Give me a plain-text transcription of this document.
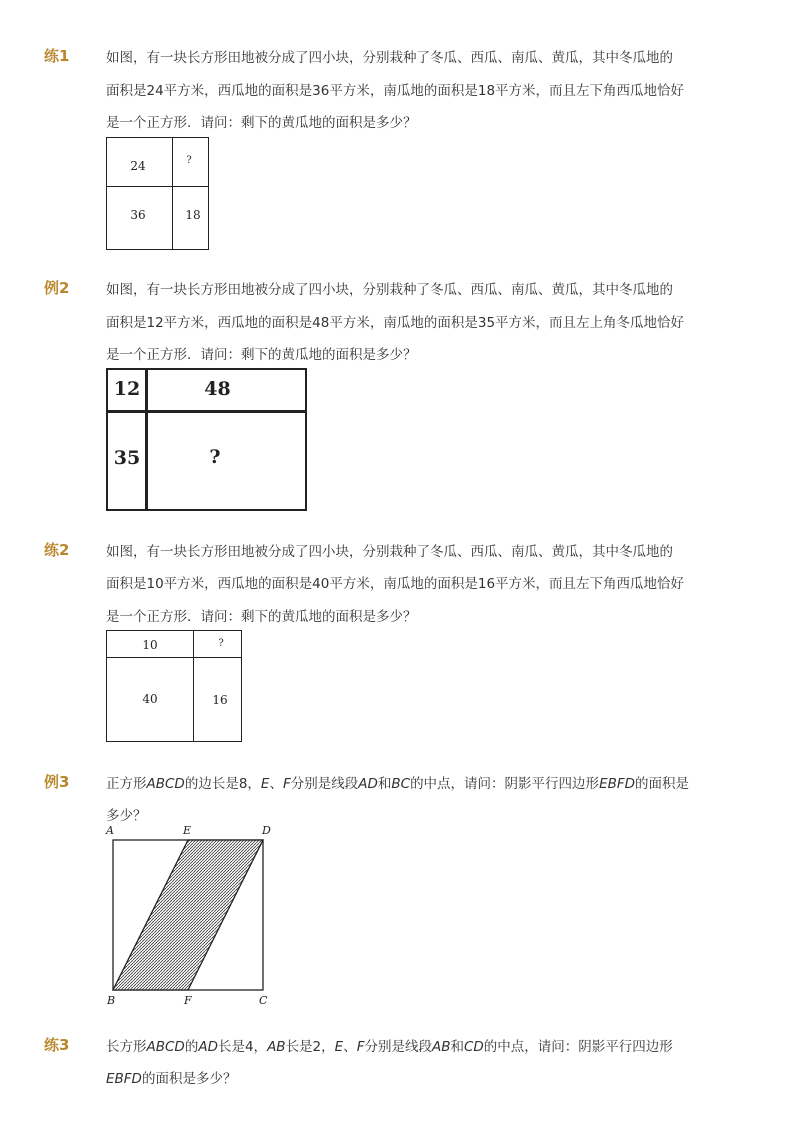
练1	如图，有一块长方形田地被分成了四小块，分别栽种了冬瓜、西瓜、南瓜、黄瓜，其中冬瓜地的
面积是24平方米，西瓜地的面积是36平方米，南瓜地的面积是18平方米，而且左下角西瓜地恰好
是一个正方形．请问：剩下的黄瓜地的面积是多少？
24	?
36	18
例2	如图，有一块长方形田地被分成了四小块，分别栽种了冬瓜、西瓜、南瓜、黄瓜，其中冬瓜地的
面积是12平方米，西瓜地的面积是48平方米，南瓜地的面积是35平方米，而且左上角冬瓜地恰好
是一个正方形．请问：剩下的黄瓜地的面积是多少？
12	48
35	?
练2	如图，有一块长方形田地被分成了四小块，分别栽种了冬瓜、西瓜、南瓜、黄瓜，其中冬瓜地的
面积是10平方米，西瓜地的面积是40平方米，南瓜地的面积是16平方米，而且左下角西瓜地恰好
是一个正方形．请问：剩下的黄瓜地的面积是多少？
10	?
40	16
例3	正方形ABCD的边长是8，E、F分别是线段AD和BC的中点，请问：阴影平行四边形EBFD的面积是
多少？
A	E	D
B	F	C
练3	长方形ABCD的AD长是4，AB长是2，E、F分别是线段AB和CD的中点，请问：阴影平行四边形
EBFD的面积是多少？
